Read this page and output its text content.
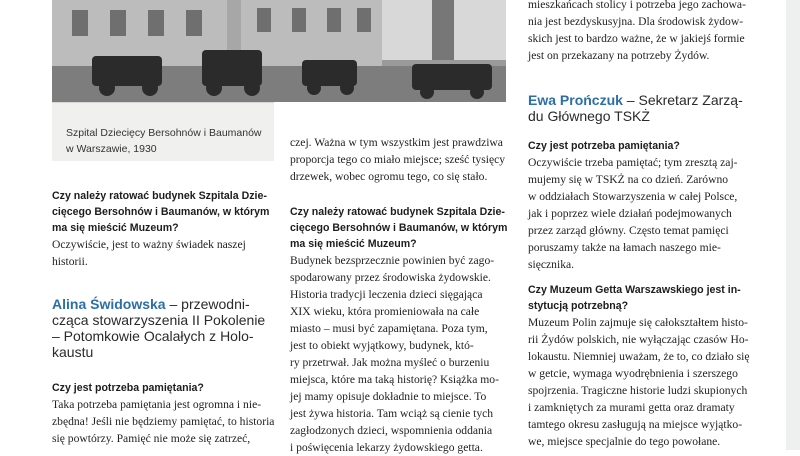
Szpital Dziecięcy Bersohnów i Baumanów
w Warszawie, 1930
Czy należy ratować budynek Szpitala Dzie-
cięcego Bersohnów i Baumanów, w którym
ma się mieścić Muzeum?
Oczywiście, jest to ważny świadek naszej
historii.
Alina Świdowska – przewodni-
cząca stowarzyszenia II Pokolenie
– Potomkowie Ocalałych z Holo-
kaustu
Czy jest potrzeba pamiętania?
Taka potrzeba pamiętania jest ogromna i nie-
zbędna! Jeśli nie będziemy pamiętać, to historia
się powtórzy. Pamięć nie może się zatrzeć,
czej. Ważna w tym wszystkim jest prawdziwa
proporcja tego co miało miejsce; sześć tysięcy
drzewek, wobec ogromu tego, co się stało.
Czy należy ratować budynek Szpitala Dzie-
cięcego Bersohnów i Baumanów, w którym
ma się mieścić Muzeum?
Budynek bezsprzecznie powinien być zago-
spodarowany przez środowiska żydowskie.
Historia tradycji leczenia dzieci sięgająca
XIX wieku, która promieniowała na całe
miasto – musi być zapamiętana. Poza tym,
jest to obiekt wyjątkowy, budynek, któ-
ry przetrwał. Jak można myśleć o burzeniu
miejsca, które ma taką historię? Książka mo-
jej mamy opisuje dokładnie to miejsce. To
jest żywa historia. Tam wciąż są cienie tych
zagłodzonych dzieci, wspomnienia oddania
i poświęcenia lekarzy żydowskiego getta.
mieszkańcach stolicy i potrzeba jego zachowa-
nia jest bezdyskusyjna. Dla środowisk żydow-
skich jest to bardzo ważne, że w jakiejś formie
jest on przekazany na potrzeby Żydów.
Ewa Prończuk – Sekretarz Zarzą-
du Głównego TSKŻ
Czy jest potrzeba pamiętania?
Oczywiście trzeba pamiętać; tym zresztą zaj-
mujemy się w TSKŻ na co dzień. Zarówno
w oddziałach Stowarzyszenia w całej Polsce,
jak i poprzez wiele działań podejmowanych
przez zarząd główny. Często temat pamięci
poruszamy także na łamach naszego mie-
sięcznika.
Czy Muzeum Getta Warszawskiego jest in-
stytucją potrzebną?
Muzeum Polin zajmuje się całokształtem histo-
rii Żydów polskich, nie wyłączając czasów Ho-
lokaustu. Niemniej uważam, że to, co działo się
w getcie, wymaga wyodrębnienia i szerszego
spojrzenia. Tragiczne historie ludzi skupionych
i zamkniętych za murami getta oraz dramaty
tamtego okresu zasługują na miejsce wyjątko-
we, miejsce specjalnie do tego powołane.
